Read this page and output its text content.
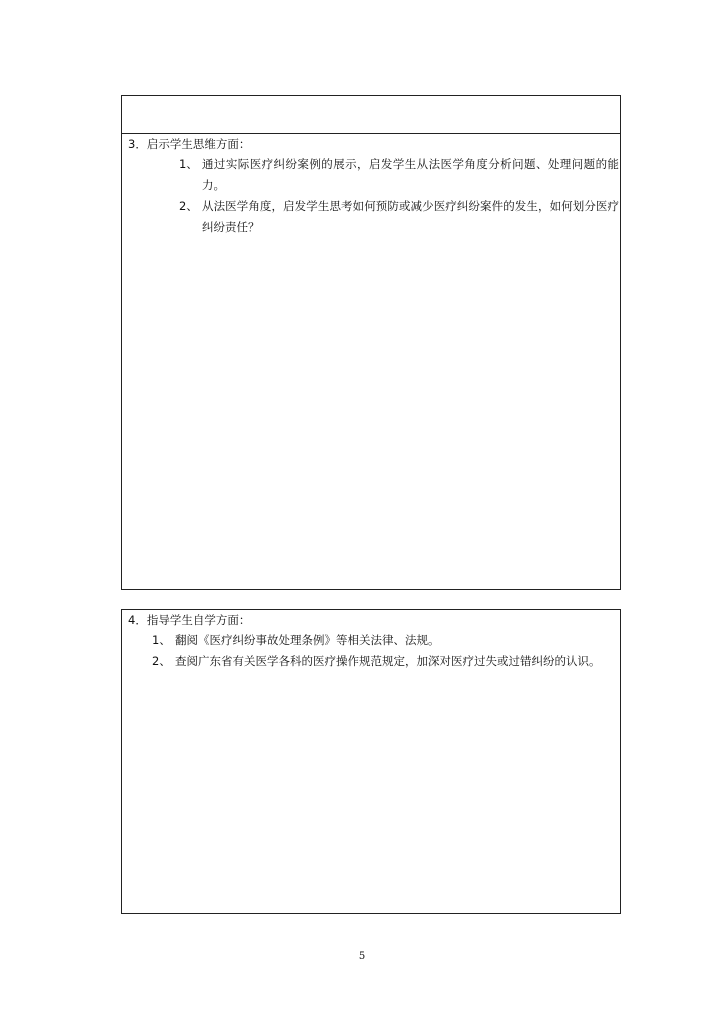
3．启示学生思维方面：
1、 通过实际医疗纠纷案例的展示，启发学生从法医学角度分析问题、处理问题的能力。
2、 从法医学角度，启发学生思考如何预防或减少医疗纠纷案件的发生，如何划分医疗纠纷责任？
4．指导学生自学方面：
1、 翻阅《医疗纠纷事故处理条例》等相关法律、法规。
2、 查阅广东省有关医学各科的医疗操作规范规定，加深对医疗过失或过错纠纷的认识。
5
